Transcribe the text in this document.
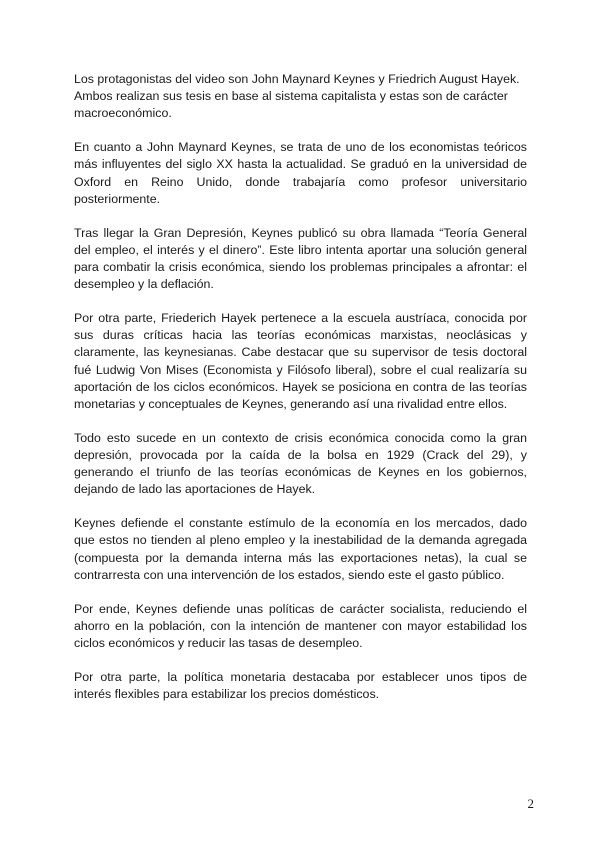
Los protagonistas del video son John Maynard Keynes y Friedrich August Hayek. Ambos realizan sus tesis en base al sistema capitalista y estas son de carácter macroeconómico.

En cuanto a John Maynard Keynes, se trata de uno de los economistas teóricos más influyentes del siglo XX hasta la actualidad. Se graduó en la universidad de Oxford en Reino Unido, donde trabajaría como profesor universitario posteriormente.

Tras llegar la Gran Depresión, Keynes publicó su obra llamada “Teoría General del empleo, el interés y el dinero”. Este libro intenta aportar una solución general para combatir la crisis económica, siendo los problemas principales a afrontar: el desempleo y la deflación.

Por otra parte, Friederich Hayek pertenece a la escuela austríaca, conocida por sus duras críticas hacia las teorías económicas marxistas, neoclásicas y claramente, las keynesianas. Cabe destacar que su supervisor de tesis doctoral fué Ludwig Von Mises (Economista y Filósofo liberal), sobre el cual realizaría su aportación de los ciclos económicos. Hayek se posiciona en contra de las teorías monetarias y conceptuales de Keynes, generando así una rivalidad entre ellos.

Todo esto sucede en un contexto de crisis económica conocida como la gran depresión, provocada por la caída de la bolsa en 1929 (Crack del 29), y generando el triunfo de las teorías económicas de Keynes en los gobiernos, dejando de lado las aportaciones de Hayek.

Keynes defiende el constante estímulo de la economía en los mercados, dado que estos no tienden al pleno empleo y la inestabilidad de la demanda agregada (compuesta por la demanda interna más las exportaciones netas), la cual se contrarresta con una intervención de los estados, siendo este el gasto público.

Por ende, Keynes defiende unas políticas de carácter socialista, reduciendo el ahorro en la población, con la intención de mantener con mayor estabilidad los ciclos económicos y reducir las tasas de desempleo.

Por otra parte, la política monetaria destacaba por establecer unos tipos de interés flexibles para estabilizar los precios domésticos.

2
